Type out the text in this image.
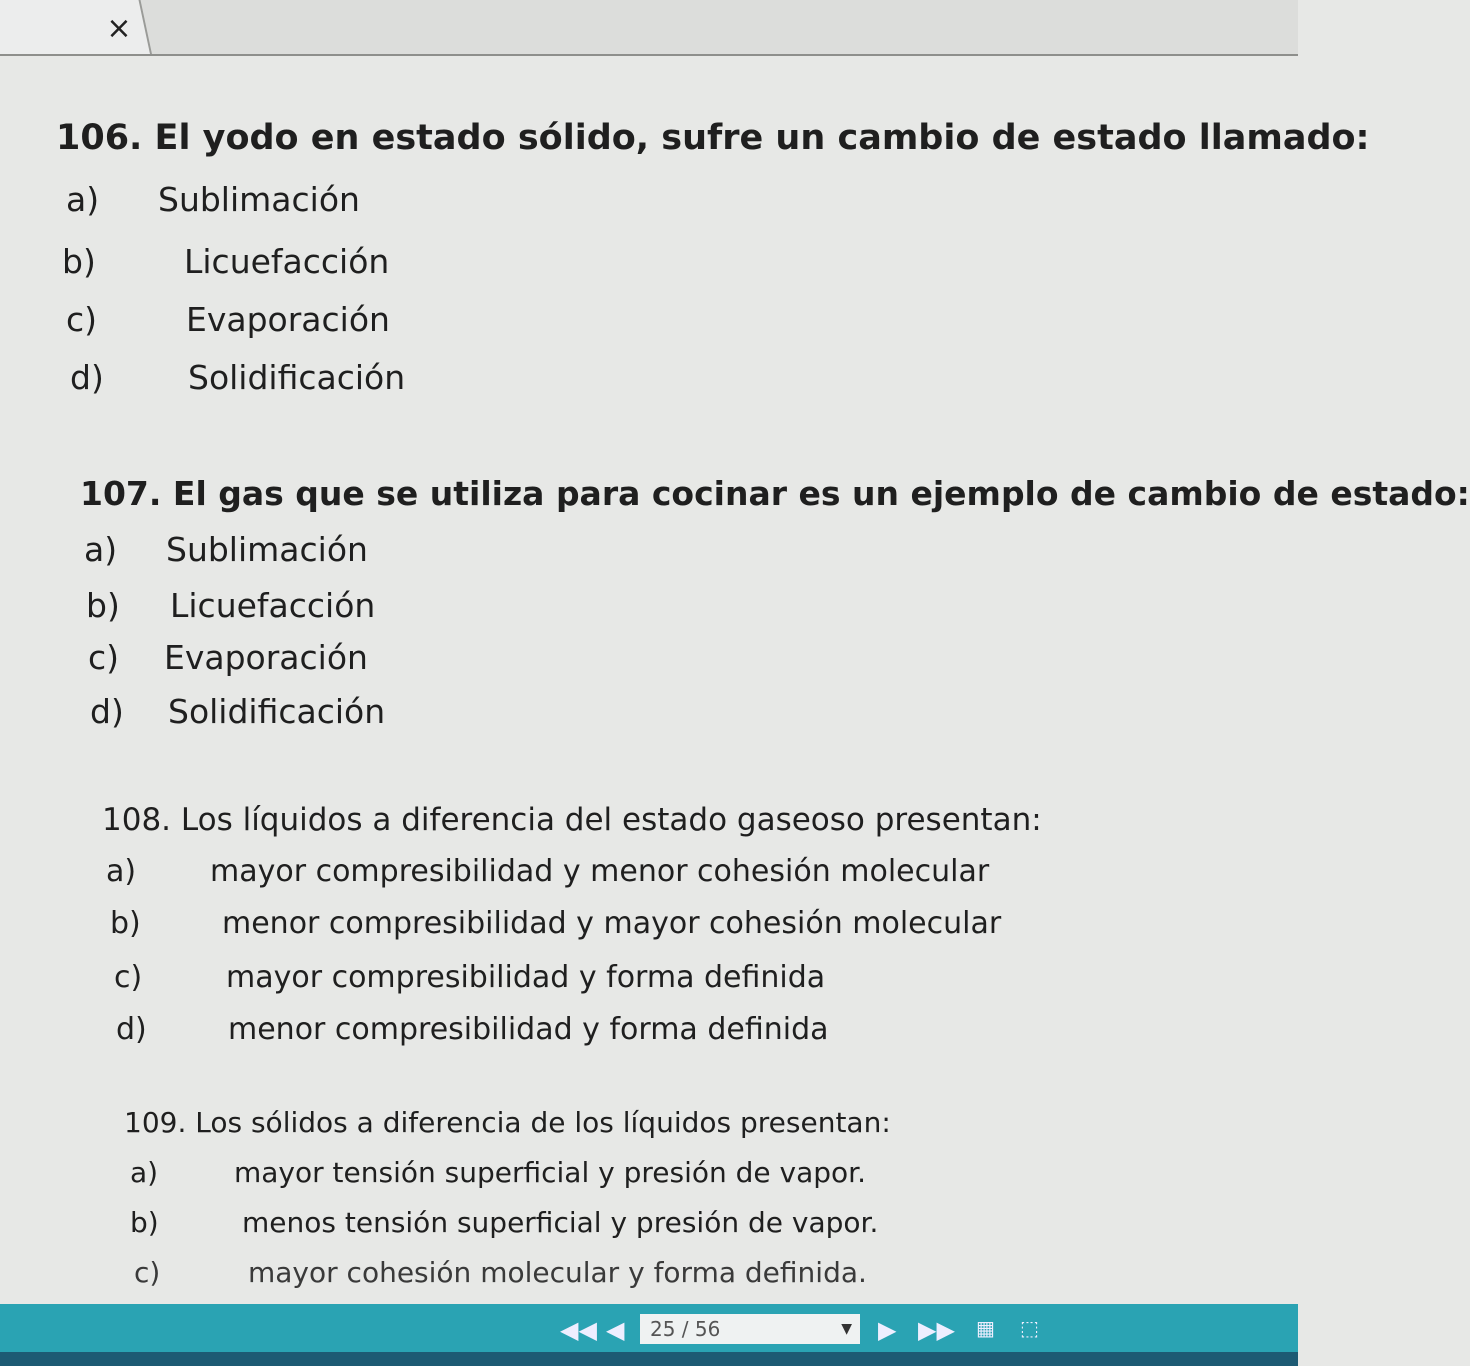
×
106. El yodo en estado sólido, sufre un cambio de estado llamado:
a) Sublimación
b)	Licuefacción
c)	Evaporación
d)	Solidificación
107. El gas que se utiliza para cocinar es un ejemplo de cambio de estado:
a) Sublimación
b) Licuefacción
c) Evaporación
d) Solidificación
108. Los líquidos a diferencia del estado gaseoso presentan:
a) mayor compresibilidad y menor cohesión molecular
b)	menor compresibilidad y mayor cohesión molecular
c)	mayor compresibilidad y forma definida
d)	menor compresibilidad y forma definida
109. Los sólidos a diferencia de los líquidos presentan:
a)	mayor tensión superficial y presión de vapor.
b)	menos tensión superficial y presión de vapor.
c)	mayor cohesión molecular y forma definida.
◀◀ ◀	25 / 56	▼ ▶ ▶▶ ▦ ⬚
